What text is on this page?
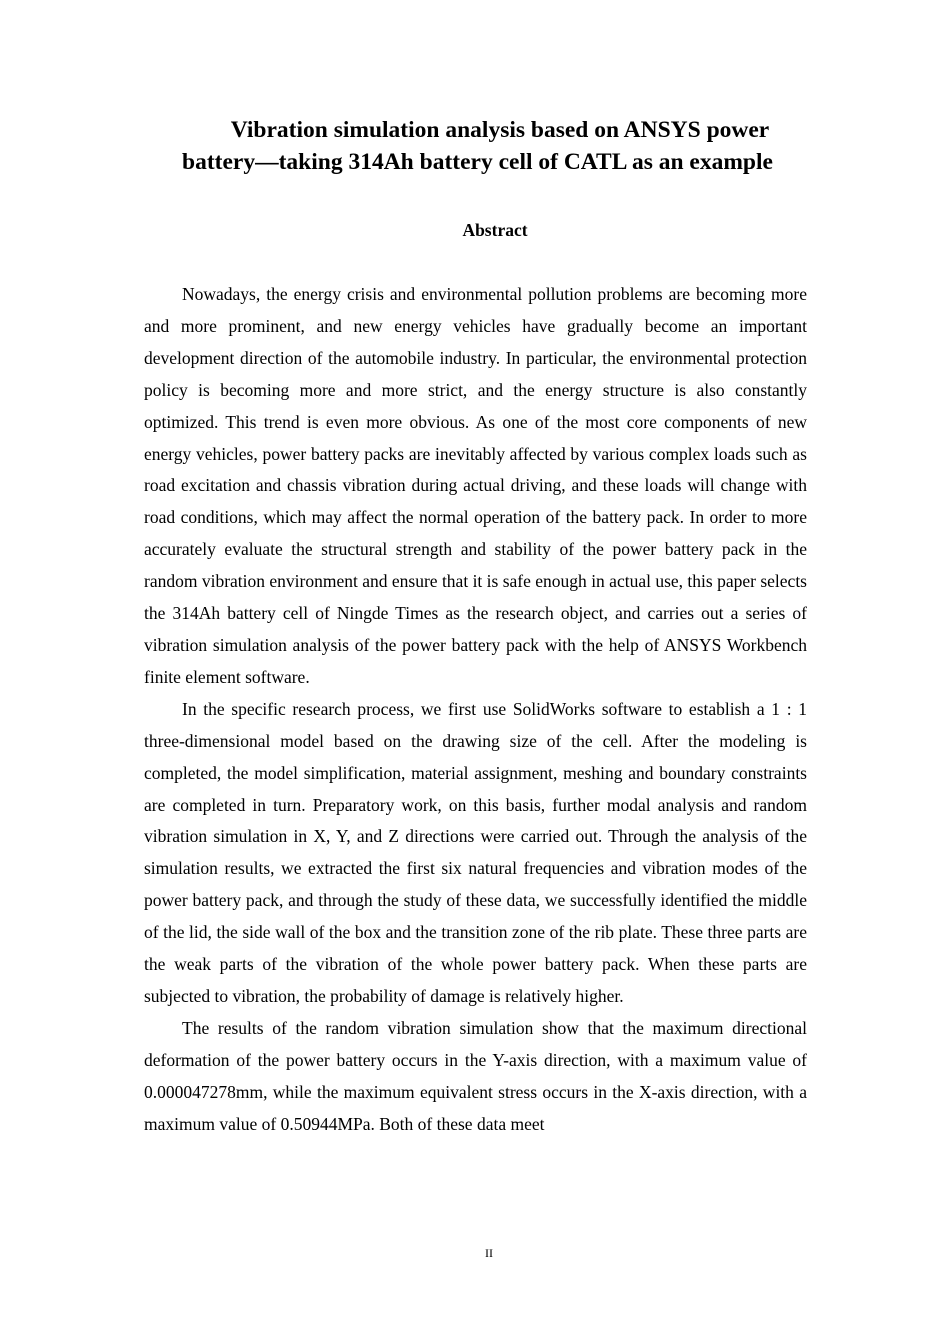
Vibration simulation analysis based on ANSYS power
battery—taking 314Ah battery cell of CATL as an example
Abstract

Nowadays, the energy crisis and environmental pollution problems are becoming more and more prominent, and new energy vehicles have gradually become an important development direction of the automobile industry. In particular, the environmental protection policy is becoming more and more strict, and the energy structure is also constantly optimized. This trend is even more obvious. As one of the most core components of new energy vehicles, power battery packs are inevitably affected by various complex loads such as road excitation and chassis vibration during actual driving, and these loads will change with road conditions, which may affect the normal operation of the battery pack. In order to more accurately evaluate the structural strength and stability of the power battery pack in the random vibration environment and ensure that it is safe enough in actual use, this paper selects the 314Ah battery cell of Ningde Times as the research object, and carries out a series of vibration simulation analysis of the power battery pack with the help of ANSYS Workbench finite element software.

In the specific research process, we first use SolidWorks software to establish a 1 : 1 three-dimensional model based on the drawing size of the cell. After the modeling is completed, the model simplification, material assignment, meshing and boundary constraints are completed in turn. Preparatory work, on this basis, further modal analysis and random vibration simulation in X, Y, and Z directions were carried out. Through the analysis of the simulation results, we extracted the first six natural frequencies and vibration modes of the power battery pack, and through the study of these data, we successfully identified the middle of the lid, the side wall of the box and the transition zone of the rib plate. These three parts are the weak parts of the vibration of the whole power battery pack. When these parts are subjected to vibration, the probability of damage is relatively higher.

The results of the random vibration simulation show that the maximum directional deformation of the power battery occurs in the Y-axis direction, with a maximum value of 0.000047278mm, while the maximum equivalent stress occurs in the X-axis direction, with a maximum value of 0.50944MPa. Both of these data meet

II
